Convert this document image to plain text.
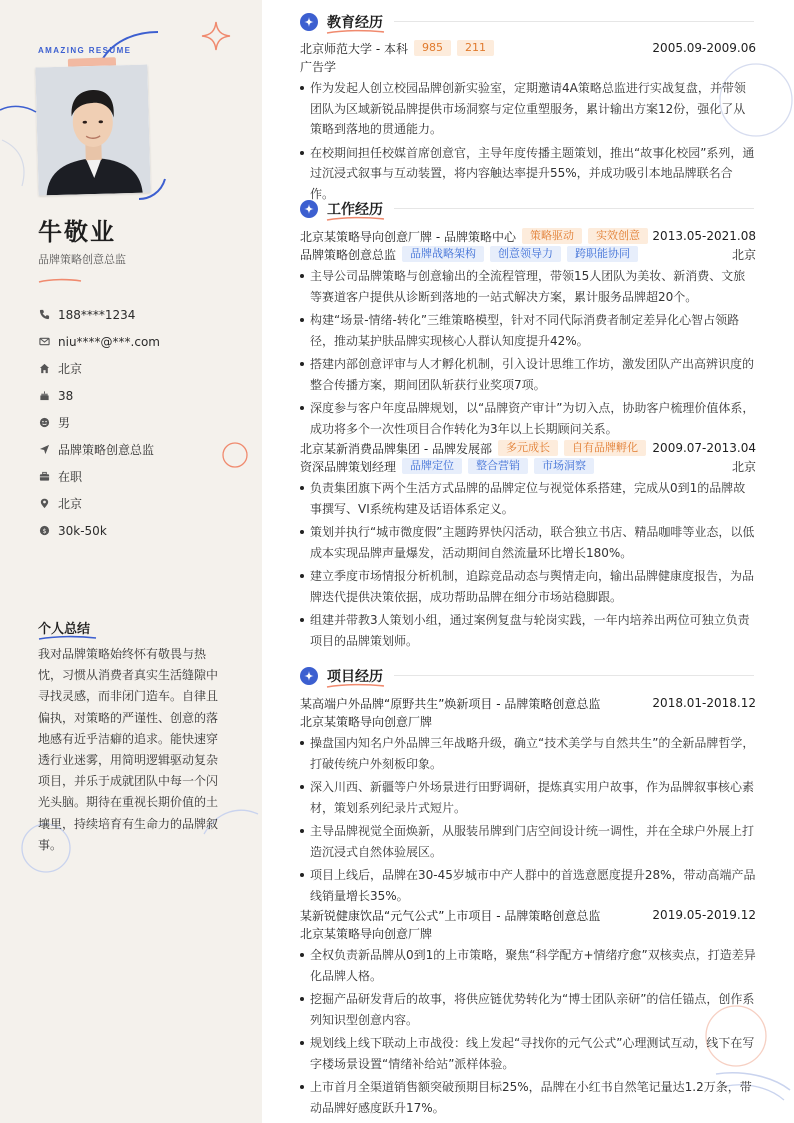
AMAZING RESUME
牛敬业
品牌策略创意总监
188****1234
niu****@***.com
北京
38
男
品牌策略创意总监
在职
北京
$ 30k-50k
个人总结
我对品牌策略始终怀有敬畏与热忱，习惯从消费者真实生活缝隙中寻找灵感，而非闭门造车。自律且偏执，对策略的严谨性、创意的落地感有近乎洁癖的追求。能快速穿透行业迷雾，用简明逻辑驱动复杂项目，并乐于成就团队中每一个闪光头脑。期待在重视长期价值的土壤里，持续培育有生命力的品牌叙事。
教育经历
北京师范大学 - 本科	985	211	2005.09-2009.06
广告学
作为发起人创立校园品牌创新实验室，定期邀请4A策略总监进行实战复盘，并带领团队为区域新锐品牌提供市场洞察与定位重塑服务，累计输出方案12份，强化了从策略到落地的贯通能力。
在校期间担任校媒首席创意官，主导年度传播主题策划，推出“故事化校园”系列，通过沉浸式叙事与互动装置，将内容触达率提升55%，并成功吸引本地品牌联名合作。
工作经历
北京某策略导向创意厂牌 - 品牌策略中心	策略驱动	实效创意	2013.05-2021.08
品牌策略创意总监	品牌战略架构	创意领导力	跨职能协同	北京
主导公司品牌策略与创意输出的全流程管理，带领15人团队为美妆、新消费、文旅等赛道客户提供从诊断到落地的一站式解决方案，累计服务品牌超20个。
构建“场景-情绪-转化”三维策略模型，针对不同代际消费者制定差异化心智占领路径，推动某护肤品牌实现核心人群认知度提升42%。
搭建内部创意评审与人才孵化机制，引入设计思维工作坊，激发团队产出高辨识度的整合传播方案，期间团队斩获行业奖项7项。
深度参与客户年度品牌规划，以“品牌资产审计”为切入点，协助客户梳理价值体系，成功将多个一次性项目合作转化为3年以上长期顾问关系。
北京某新消费品牌集团 - 品牌发展部	多元成长	自有品牌孵化	2009.07-2013.04
资深品牌策划经理	品牌定位	整合营销	市场洞察	北京
负责集团旗下两个生活方式品牌的品牌定位与视觉体系搭建，完成从0到1的品牌故事撰写、VI系统构建及话语体系定义。
策划并执行“城市微度假”主题跨界快闪活动，联合独立书店、精品咖啡等业态，以低成本实现品牌声量爆发，活动期间自然流量环比增长180%。
建立季度市场情报分析机制，追踪竞品动态与舆情走向，输出品牌健康度报告，为品牌迭代提供决策依据，成功帮助品牌在细分市场站稳脚跟。
组建并带教3人策划小组，通过案例复盘与轮岗实践，一年内培养出两位可独立负责项目的品牌策划师。
项目经历
某高端户外品牌“原野共生”焕新项目 - 品牌策略创意总监	2018.01-2018.12
北京某策略导向创意厂牌
操盘国内知名户外品牌三年战略升级，确立“技术美学与自然共生”的全新品牌哲学，打破传统户外刻板印象。
深入川西、新疆等户外场景进行田野调研，提炼真实用户故事，作为品牌叙事核心素材，策划系列纪录片式短片。
主导品牌视觉全面焕新，从服装吊牌到门店空间设计统一调性，并在全球户外展上打造沉浸式自然体验展区。
项目上线后，品牌在30-45岁城市中产人群中的首选意愿度提升28%，带动高端产品线销量增长35%。
某新锐健康饮品“元气公式”上市项目 - 品牌策略创意总监	2019.05-2019.12
北京某策略导向创意厂牌
全权负责新品牌从0到1的上市策略，聚焦“科学配方+情绪疗愈”双核卖点，打造差异化品牌人格。
挖掘产品研发背后的故事，将供应链优势转化为“博士团队亲研”的信任锚点，创作系列知识型创意内容。
规划线上线下联动上市战役：线上发起“寻找你的元气公式”心理测试互动，线下在写字楼场景设置“情绪补给站”派样体验。
上市首月全渠道销售额突破预期目标25%，品牌在小红书自然笔记量达1.2万条，带动品牌好感度跃升17%。
